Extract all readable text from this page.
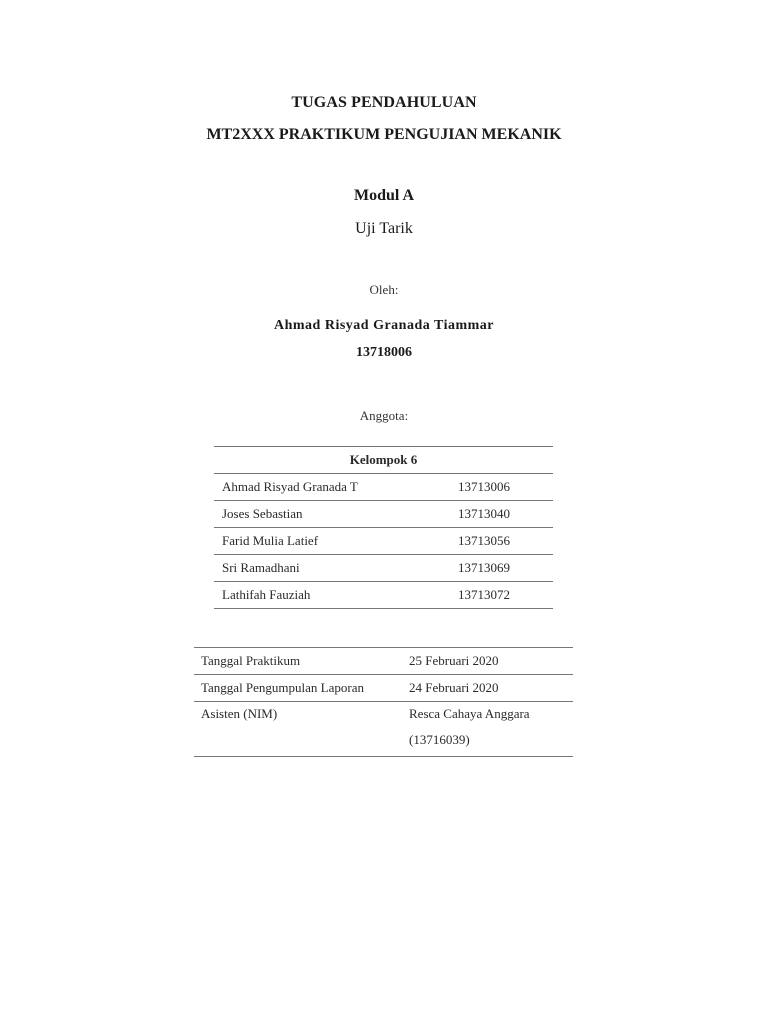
TUGAS PENDAHULUAN
MT2XXX PRAKTIKUM PENGUJIAN MEKANIK
Modul A
Uji Tarik
Oleh:
Ahmad Risyad Granada Tiammar
13718006
Anggota:
Kelompok 6	
Ahmad Risyad Granada T	13713006
Joses Sebastian	13713040
Farid Mulia Latief	13713056
Sri Ramadhani	13713069
Lathifah Fauziah	13713072
Tanggal Praktikum	25 Februari 2020
Tanggal Pengumpulan Laporan	24 Februari 2020
Asisten (NIM)	Resca Cahaya Anggara
(13716039)
